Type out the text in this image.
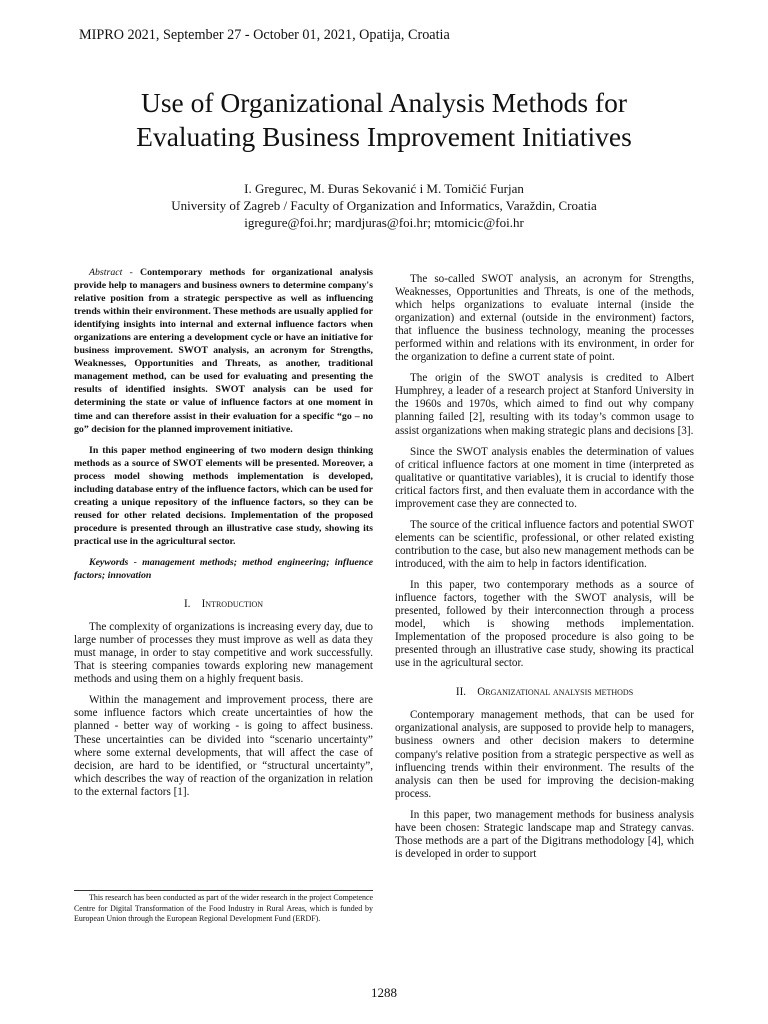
MIPRO 2021, September 27 - October 01, 2021, Opatija, Croatia
Use of Organizational Analysis Methods for
Evaluating Business Improvement Initiatives
I. Gregurec, M. Đuras Sekovanić i M. Tomičić Furjan
University of Zagreb / Faculty of Organization and Informatics, Varaždin, Croatia
igregure@foi.hr; mardjuras@foi.hr; mtomicic@foi.hr

Abstract - Contemporary methods for organizational analysis provide help to managers and business owners to determine company's relative position from a strategic perspective as well as influencing trends within their environment. These methods are usually applied for identifying insights into internal and external influence factors when organizations are entering a development cycle or have an initiative for business improvement. SWOT analysis, an acronym for Strengths, Weaknesses, Opportunities and Threats, as another, traditional management method, can be used for evaluating and presenting the results of identified insights. SWOT analysis can be used for determining the state or value of influence factors at one moment in time and can therefore assist in their evaluation for a specific “go – no go” decision for the planned improvement initiative.

In this paper method engineering of two modern design thinking methods as a source of SWOT elements will be presented. Moreover, a process model showing methods implementation is developed, including database entry of the influence factors, which can be used for creating a unique repository of the influence factors, so they can be reused for other related decisions. Implementation of the proposed procedure is presented through an illustrative case study, showing its practical use in the agricultural sector.

Keywords - management methods; method engineering; influence factors; innovation

I. Introduction

The complexity of organizations is increasing every day, due to large number of processes they must improve as well as data they must manage, in order to stay competitive and work successfully. That is steering companies towards exploring new management methods and using them on a highly frequent basis.

Within the management and improvement process, there are some influence factors which create uncertainties of how the planned - better way of working - is going to affect business. These uncertainties can be divided into “scenario uncertainty” where some external developments, that will affect the case of decision, are hard to be identified, or “structural uncertainty”, which describes the way of reaction of the organization in relation to the external factors [1].

This research has been conducted as part of the wider research in the project Competence Centre for Digital Transformation of the Food Industry in Rural Areas, which is funded by European Union through the European Regional Development Fund (ERDF).

The so-called SWOT analysis, an acronym for Strengths, Weaknesses, Opportunities and Threats, is one of the methods, which helps organizations to evaluate internal (inside the organization) and external (outside in the environment) factors, that influence the business technology, meaning the processes performed within and relations with its environment, in order for the organization to define a current state of point.

The origin of the SWOT analysis is credited to Albert Humphrey, a leader of a research project at Stanford University in the 1960s and 1970s, which aimed to find out why company planning failed [2], resulting with its today’s common usage to assist organizations when making strategic plans and decisions [3].

Since the SWOT analysis enables the determination of values of critical influence factors at one moment in time (interpreted as qualitative or quantitative variables), it is crucial to identify those critical factors first, and then evaluate them in accordance with the improvement case they are connected to.

The source of the critical influence factors and potential SWOT elements can be scientific, professional, or other related existing contribution to the case, but also new management methods can be introduced, with the aim to help in factors identification.

In this paper, two contemporary methods as a source of influence factors, together with the SWOT analysis, will be presented, followed by their interconnection through a process model, which is showing methods implementation. Implementation of the proposed procedure is also going to be presented through an illustrative case study, showing its practical use in the agricultural sector.

II. Organizational analysis methods

Contemporary management methods, that can be used for organizational analysis, are supposed to provide help to managers, business owners and other decision makers to determine company's relative position from a strategic perspective as well as influencing trends within their environment. The results of the analysis can then be used for improving the decision-making process.

In this paper, two management methods for business analysis have been chosen: Strategic landscape map and Strategy canvas. Those methods are a part of the Digitrans methodology [4], which is developed in order to support

1288
